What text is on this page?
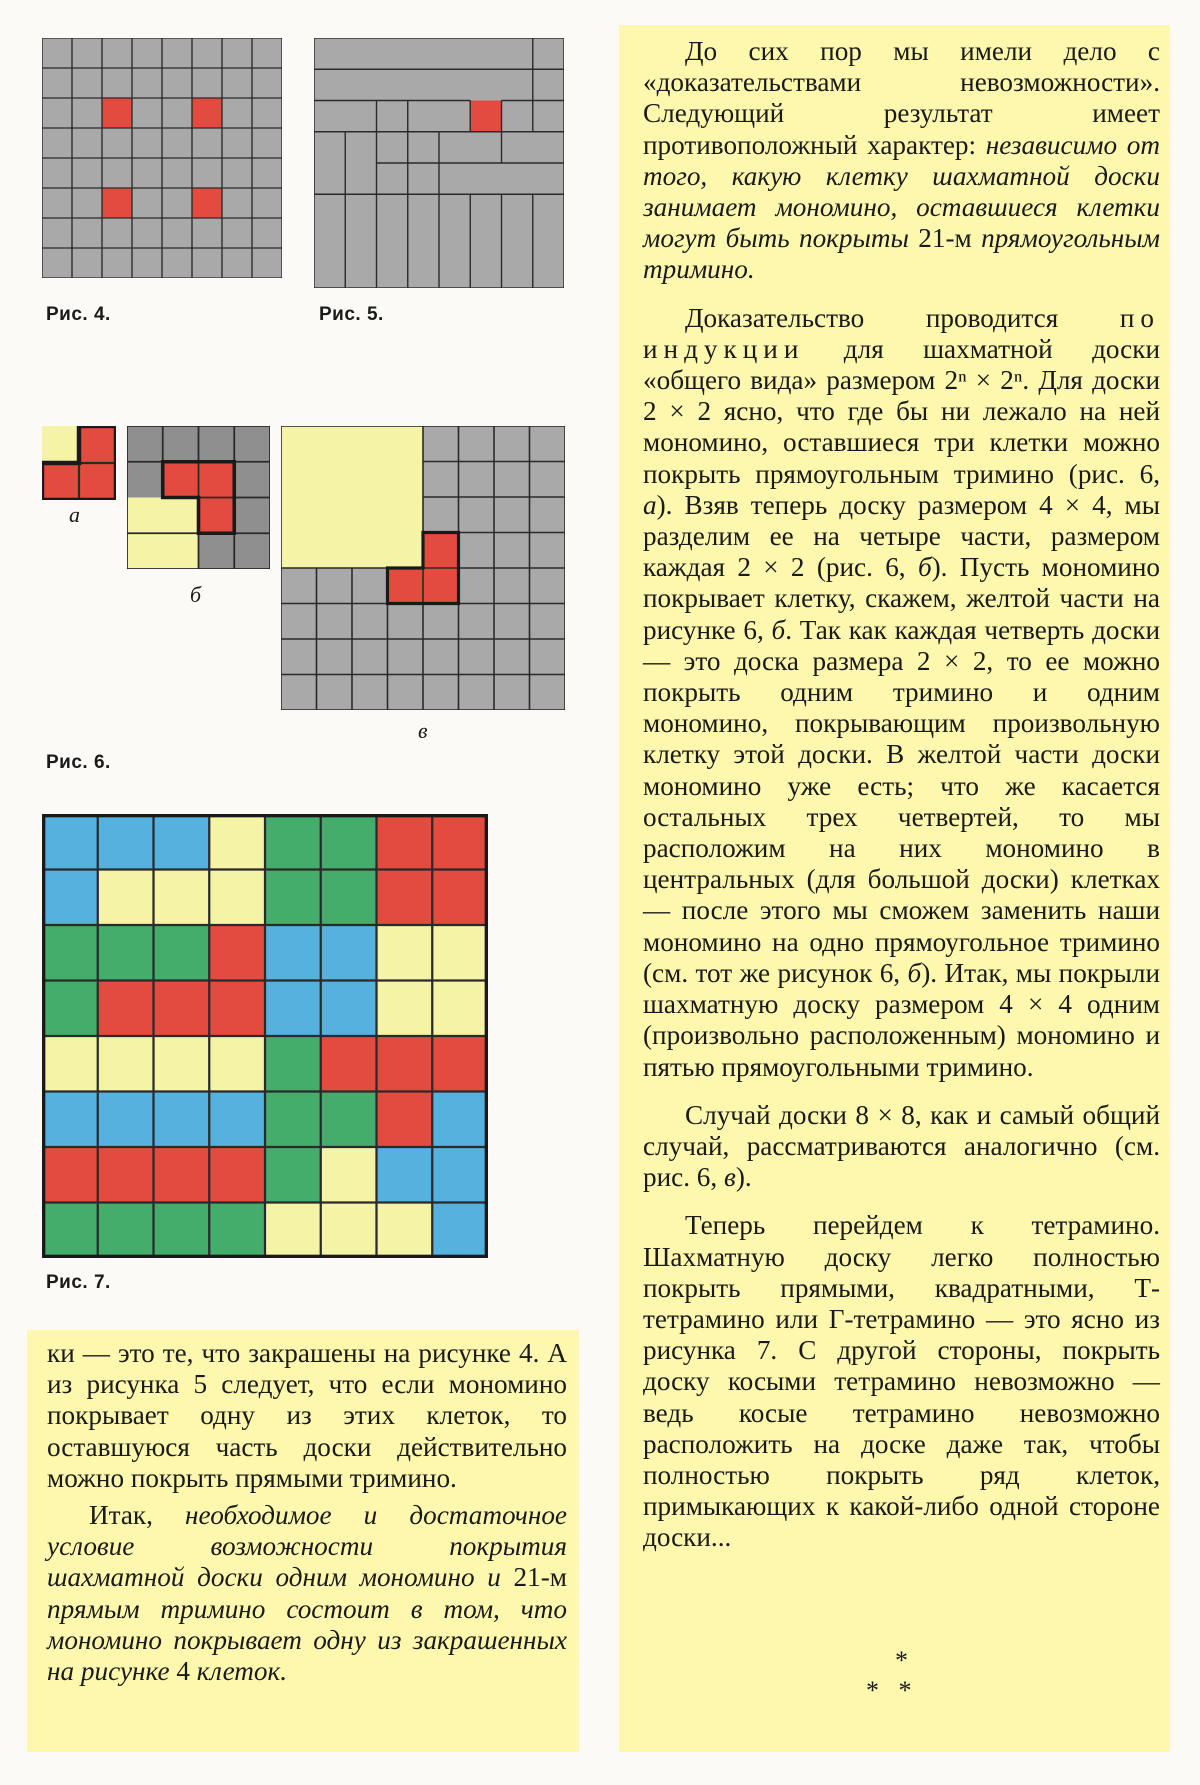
Рис. 4.	Рис. 5.
а
б
в
Рис. 6.
Рис. 7.

До сих пор мы имели дело с «доказательствами невозможности». Следующий результат имеет противоположный характер: независимо от того, какую клетку шахматной доски занимает мономино, оставшиеся клетки могут быть покрыты 21-м прямоугольным тримино.

Доказательство проводится по индукции для шахматной доски «общего вида» размером 2ⁿ × 2ⁿ. Для доски 2 × 2 ясно, что где бы ни лежало на ней мономино, оставшиеся три клетки можно покрыть прямоугольным тримино (рис. 6, а). Взяв теперь доску размером 4 × 4, мы разделим ее на четыре части, размером каждая 2 × 2 (рис. 6, б). Пусть мономино покрывает клетку, скажем, желтой части на рисунке 6, б. Так как каждая четверть доски — это доска размера 2 × 2, то ее можно покрыть одним тримино и одним мономино, покрывающим произвольную клетку этой доски. В желтой части доски мономино уже есть; что же касается остальных трех четвертей, то мы расположим на них мономино в центральных (для большой доски) клетках — после этого мы сможем заменить наши мономино на одно прямоугольное тримино (см. тот же рисунок 6, б). Итак, мы покрыли шахматную доску размером 4 × 4 одним (произвольно расположенным) мономино и пятью прямоугольными тримино.

Случай доски 8 × 8, как и самый общий случай, рассматриваются аналогично (см. рис. 6, в).

Теперь перейдем к тетрамино. Шахматную доску легко полностью покрыть прямыми, квадратными, Т-тетрамино или Г-тетрамино — это ясно из рисунка 7. С другой стороны, покрыть доску косыми тетрамино невозможно — ведь косые тетрамино невозможно расположить на доске даже так, чтобы полностью покрыть ряд клеток, примыкающих к какой-либо одной стороне доски...

*
*   *

ки — это те, что закрашены на рисунке 4. А из рисунка 5 следует, что если мономино покрывает одну из этих клеток, то оставшуюся часть доски действительно можно покрыть прямыми тримино.

Итак, необходимое и достаточное условие возможности покрытия шахматной доски одним мономино и 21-м прямым тримино состоит в том, что мономино покрывает одну из закрашенных на рисунке 4 клеток.
